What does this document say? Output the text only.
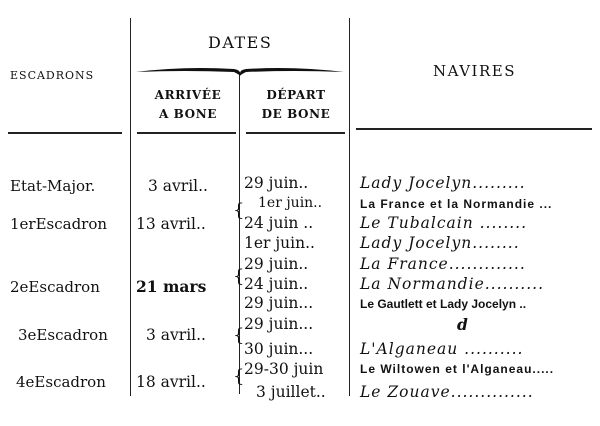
ESCADRONS
DATES
NAVIRES
ARRIVÉE
A BONE
DÉPART
DE BONE
Etat-Major.
1erEscadron
2eEscadron
3eEscadron
4eEscadron
3 avril..
13 avril..
21 mars
3 avril..
18 avril..
{
{
{
{
29 juin..
1er juin..
24 juin ..
1er juin..
29 juin..
24 juin..
29 juin...
29 juin...
30 juin...
29-30 juin
3 juillet..
Lady Jocelyn.........
La France et la Normandie ...
Le Tubalcain ........
Lady Jocelyn........
La France.............
La Normandie..........
Le Gautlett et Lady Jocelyn ..
d
L'Alganeau ..........
Le Wiltowen et l'Alganeau.....
Le Zouave..............
